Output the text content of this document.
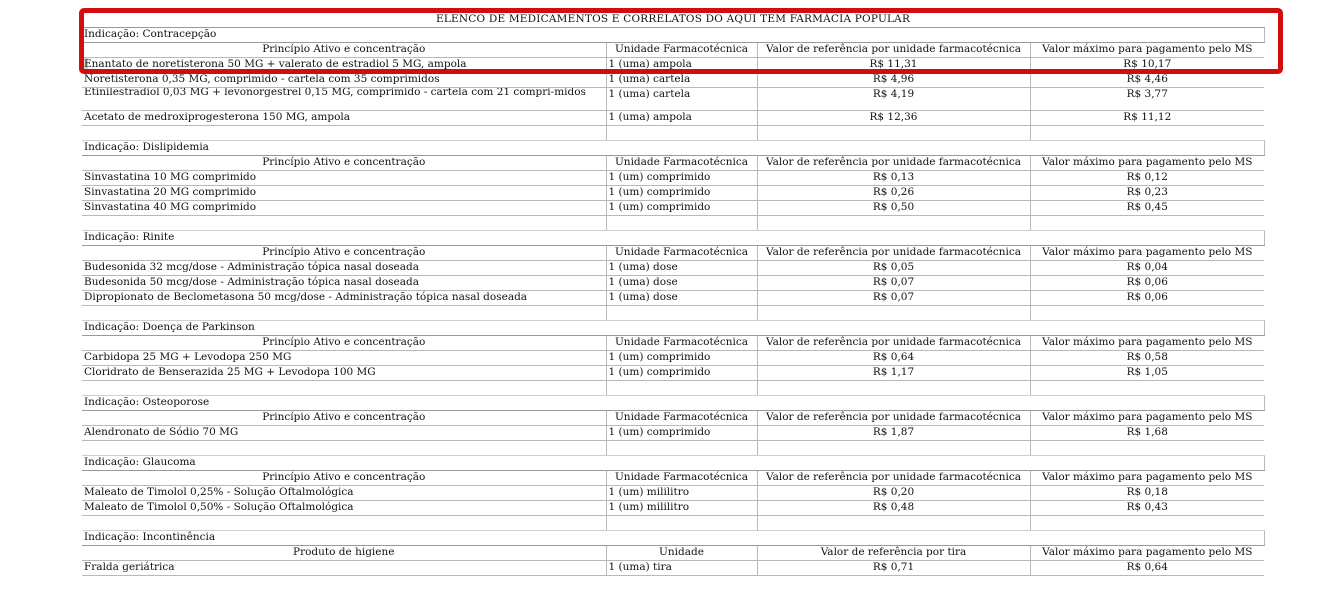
ELENCO DE MEDICAMENTOS E CORRELATOS DO AQUI TEM FARMÁCIA POPULAR			
Indicação: Contracepção			
Princípio Ativo e concentração	Unidade Farmacotécnica	Valor de referência por unidade farmacotécnica	Valor máximo para pagamento pelo MS
Enantato de noretisterona 50 MG + valerato de estradiol 5 MG, ampola	1 (uma) ampola	R$ 11,31	R$ 10,17
Noretisterona 0,35 MG, comprimido - cartela com 35 comprimidos	1 (uma) cartela	R$ 4,96	R$ 4,46

Etinilestradiol 0,03 MG + levonorgestrel 0,15 MG, comprimido - cartela com 21 compri-midos	1 (uma) cartela	R$ 4,19	R$ 3,77
Acetato de medroxiprogesterona 150 MG, ampola	1 (uma) ampola	R$ 12,36	R$ 11,12

Indicação: Dislipidemia			
Princípio Ativo e concentração	Unidade Farmacotécnica	Valor de referência por unidade farmacotécnica	Valor máximo para pagamento pelo MS
Sinvastatina 10 MG comprimido	1 (um) comprimido	R$ 0,13	R$ 0,12
Sinvastatina 20 MG comprimido	1 (um) comprimido	R$ 0,26	R$ 0,23
Sinvastatina 40 MG comprimido	1 (um) comprimido	R$ 0,50	R$ 0,45

Indicação: Rinite			
Princípio Ativo e concentração	Unidade Farmacotécnica	Valor de referência por unidade farmacotécnica	Valor máximo para pagamento pelo MS
Budesonida 32 mcg/dose - Administração tópica nasal doseada	1 (uma) dose	R$ 0,05	R$ 0,04
Budesonida 50 mcg/dose - Administração tópica nasal doseada	1 (uma) dose	R$ 0,07	R$ 0,06
Dipropionato de Beclometasona 50 mcg/dose - Administração tópica nasal doseada	1 (uma) dose	R$ 0,07	R$ 0,06

Indicação: Doença de Parkinson			
Princípio Ativo e concentração	Unidade Farmacotécnica	Valor de referência por unidade farmacotécnica	Valor máximo para pagamento pelo MS
Carbidopa 25 MG + Levodopa 250 MG	1 (um) comprimido	R$ 0,64	R$ 0,58
Cloridrato de Benserazida 25 MG + Levodopa 100 MG	1 (um) comprimido	R$ 1,17	R$ 1,05

Indicação: Osteoporose			
Princípio Ativo e concentração	Unidade Farmacotécnica	Valor de referência por unidade farmacotécnica	Valor máximo para pagamento pelo MS
Alendronato de Sódio 70 MG	1 (um) comprimido	R$ 1,87	R$ 1,68

Indicação: Glaucoma			
Princípio Ativo e concentração	Unidade Farmacotécnica	Valor de referência por unidade farmacotécnica	Valor máximo para pagamento pelo MS
Maleato de Timolol 0,25% - Solução Oftalmológica	1 (um) mililitro	R$ 0,20	R$ 0,18
Maleato de Timolol 0,50% - Solução Oftalmológica	1 (um) mililitro	R$ 0,48	R$ 0,43

Indicação: Incontinência			
Produto de higiene	Unidade	Valor de referência por tira	Valor máximo para pagamento pelo MS
Fralda geriátrica	1 (uma) tira	R$ 0,71	R$ 0,64
